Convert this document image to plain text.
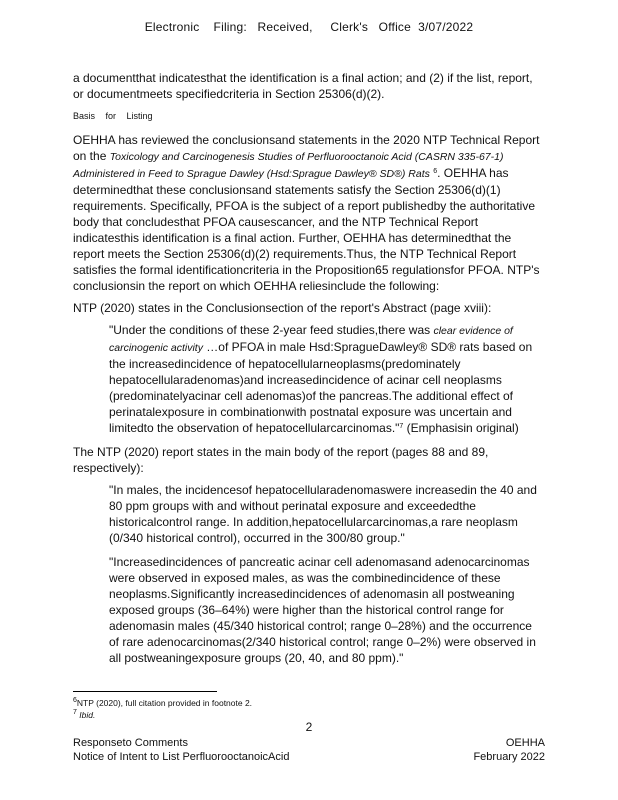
Electronic    Filing:   Received,     Clerk's   Office  3/07/2022

a documentthat indicatesthat the identification is a final action; and (2) if the list, report, or documentmeets specifiedcriteria in Section 25306(d)(2).

Basis for Listing

OEHHA has reviewed the conclusionsand statements in the 2020 NTP Technical Report on the Toxicology and Carcinogenesis Studies of Perfluorooctanoic Acid (CASRN 335-67-1) Administered in Feed to Sprague Dawley (Hsd:Sprague Dawley® SD®) Rats $^6$. OEHHA has determinedthat these conclusionsand statements satisfy the Section 25306(d)(1) requirements. Specifically, PFOA is the subject of a report publishedby the authoritative body that concludesthat PFOA causescancer, and the NTP Technical Report indicatesthis identification is a final action. Further, OEHHA has determinedthat the report meets the Section 25306(d)(2) requirements.Thus, the NTP Technical Report satisfies the formal identificationcriteria in the Proposition65 regulationsfor PFOA. NTP's conclusionsin the report on which OEHHA reliesinclude the following:

NTP (2020) states in the Conclusionsection of the report's Abstract (page xviii):

"Under the conditions of these 2-year feed studies,there was clear evidence of carcinogenic activity …of PFOA in male Hsd:SpragueDawley® SD® rats based on the increasedincidence of hepatocellularneoplasms(predominately hepatocellularadenomas)and increasedincidence of acinar cell neoplasms (predominatelyacinar cell adenomas)of the pancreas.The additional effect of perinatalexposure in combinationwith postnatal exposure was uncertain and limitedto the observation of hepatocellularcarcinomas."$^7$ (Emphasisin original)

The NTP (2020) report states in the main body of the report (pages 88 and 89, respectively):

"In males, the incidencesof hepatocellularadenomaswere increasedin the 40 and 80 ppm groups with and without perinatal exposure and exceededthe historicalcontrol range. In addition,hepatocellularcarcinomas,a rare neoplasm (0/340 historical control), occurred in the 300/80 group."

"Increasedincidences of pancreatic acinar cell adenomasand adenocarcinomas were observed in exposed males, as was the combinedincidence of these neoplasms.Significantly increasedincidences of adenomasin all postweaning exposed groups (36–64%) were higher than the historical control range for adenomasin males (45/340 historical control; range 0–28%) and the occurrence of rare adenocarcinomas(2/340 historical control; range 0–2%) were observed in all postweaningexposure groups (20, 40, and 80 ppm)."

$^6$NTP (2020), full citation provided in footnote 2.
$^7$ Ibid.
2
Responseto Comments	OEHHA
Notice of Intent to List PerfluorooctanoicAcid	February 2022
